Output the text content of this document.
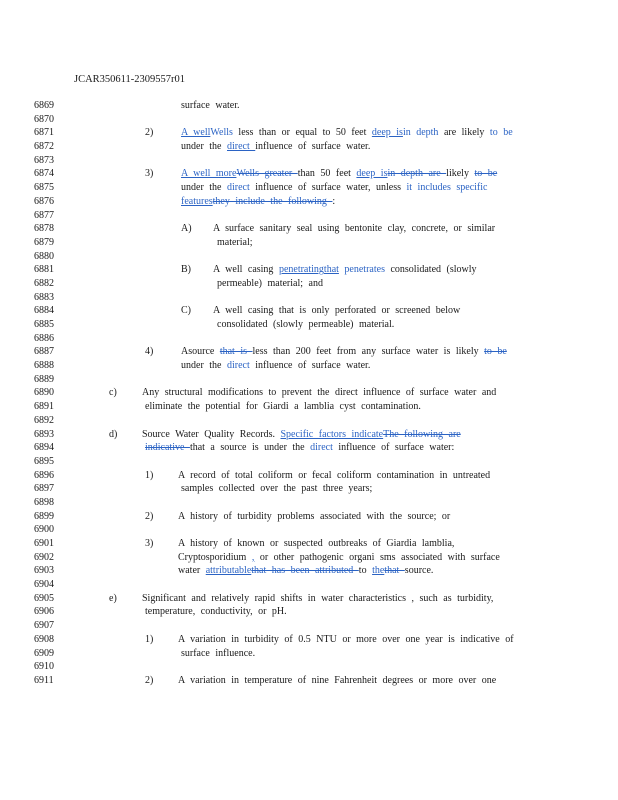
JCAR350611-2309557r01
6869	surface water.
6870
6871	2)	A wellWells less than or equal to 50 feet deep isin depth are likely to be
6872	under the direct influence of surface water.
6873
6874	3)	A well moreWells greater than 50 feet deep isin depth are likely to be
6875	under the direct influence of surface water, unless it includes specific
6876	featuresthey include the following :
6877
6878	A) A surface sanitary seal using bentonite clay, concrete, or similar
6879	material;
6880
6881	B) A well casing penetratingthat penetrates consolidated (slowly
6882	permeable) material; and
6883
6884	C) A well casing that is only perforated or screened below
6885	consolidated (slowly permeable) material.
6886
6887	4)	Asource that is less than 200 feet from any surface water is likely to be
6888	under the direct influence of surface water.
6889
6890	c)	Any structural modifications to prevent the direct influence of surface water and
6891	eliminate the potential for Giardi a lamblia cyst contamination.
6892
6893	d) Source Water Quality Records. Specific factors indicateThe following are
6894	indicative that a source is under the direct influence of surface water:
6895
6896	1) A record of total coliform or fecal coliform contamination in untreated
6897	samples collected over the past three years;
6898
6899	2) A history of turbidity problems associated with the source; or
6900
6901	3) A history of known or suspected outbreaks of Giardia lamblia,
6902	Cryptosporidium , or other pathogenic organi sms associated with surface
6903	water attributablethat has been attributed to thethat source.
6904
6905	e)	Significant and relatively rapid shifts in water characteristics , such as turbidity,
6906	temperature, conductivity, or pH.
6907
6908	1) A variation in turbidity of 0.5 NTU or more over one year is indicative of
6909	surface influence.
6910
6911	2) A variation in temperature of nine Fahrenheit degrees or more over one
